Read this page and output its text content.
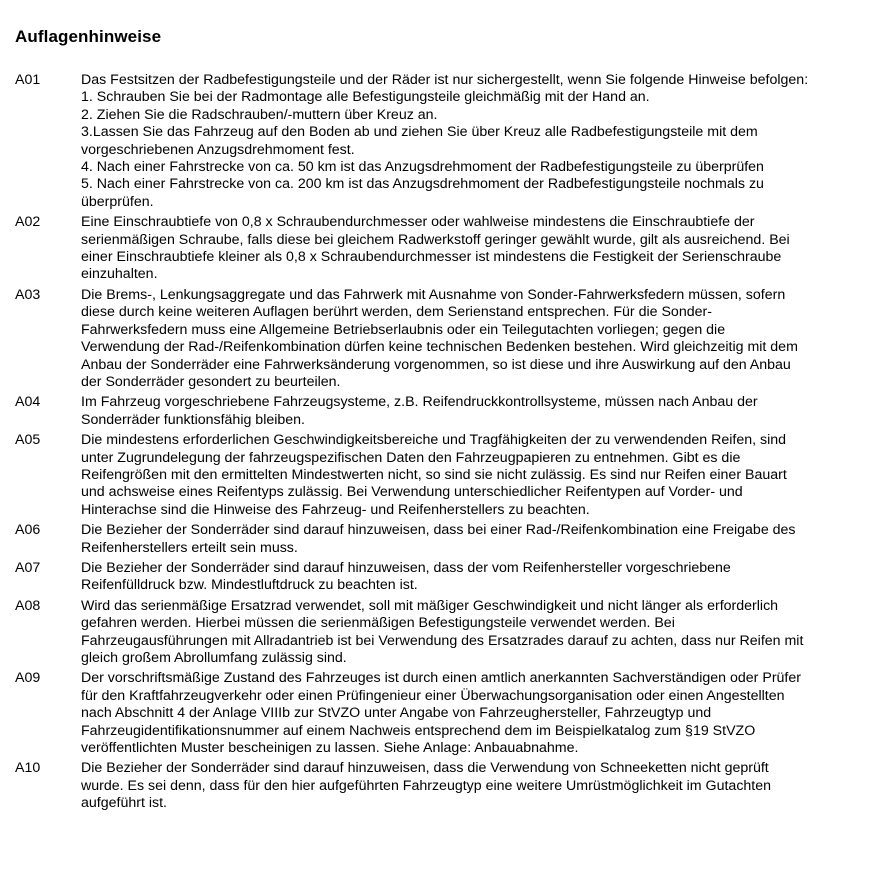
Auflagenhinweise
A01	Das Festsitzen der Radbefestigungsteile und der Räder ist nur sichergestellt, wenn Sie folgende Hinweise befolgen:
1. Schrauben Sie bei der Radmontage alle Befestigungsteile gleichmäßig mit der Hand an.
2. Ziehen Sie die Radschrauben/-muttern über Kreuz an.
3.Lassen Sie das Fahrzeug auf den Boden ab und ziehen Sie über Kreuz alle Radbefestigungsteile mit dem
vorgeschriebenen Anzugsdrehmoment fest.
4. Nach einer Fahrstrecke von ca. 50 km ist das Anzugsdrehmoment der Radbefestigungsteile zu überprüfen
5. Nach einer Fahrstrecke von ca. 200 km ist das Anzugsdrehmoment der Radbefestigungsteile nochmals zu
überprüfen.
A02	Eine Einschraubtiefe von 0,8 x Schraubendurchmesser oder wahlweise mindestens die Einschraubtiefe der
serienmäßigen Schraube, falls diese bei gleichem Radwerkstoff geringer gewählt wurde, gilt als ausreichend. Bei
einer Einschraubtiefe kleiner als 0,8 x Schraubendurchmesser ist mindestens die Festigkeit der Serienschraube
einzuhalten.
A03	Die Brems-, Lenkungsaggregate und das Fahrwerk mit Ausnahme von Sonder-Fahrwerksfedern müssen, sofern
diese durch keine weiteren Auflagen berührt werden, dem Serienstand entsprechen. Für die Sonder-
Fahrwerksfedern muss eine Allgemeine Betriebserlaubnis oder ein Teilegutachten vorliegen; gegen die
Verwendung der Rad-/Reifenkombination dürfen keine technischen Bedenken bestehen. Wird gleichzeitig mit dem
Anbau der Sonderräder eine Fahrwerksänderung vorgenommen, so ist diese und ihre Auswirkung auf den Anbau
der Sonderräder gesondert zu beurteilen.
A04	Im Fahrzeug vorgeschriebene Fahrzeugsysteme, z.B. Reifendruckkontrollsysteme, müssen nach Anbau der
Sonderräder funktionsfähig bleiben.
A05	Die mindestens erforderlichen Geschwindigkeitsbereiche und Tragfähigkeiten der zu verwendenden Reifen, sind
unter Zugrundelegung der fahrzeugspezifischen Daten den Fahrzeugpapieren zu entnehmen. Gibt es die
Reifengrößen mit den ermittelten Mindestwerten nicht, so sind sie nicht zulässig. Es sind nur Reifen einer Bauart
und achsweise eines Reifentyps zulässig. Bei Verwendung unterschiedlicher Reifentypen auf Vorder- und
Hinterachse sind die Hinweise des Fahrzeug- und Reifenherstellers zu beachten.
A06	Die Bezieher der Sonderräder sind darauf hinzuweisen, dass bei einer Rad-/Reifenkombination eine Freigabe des
Reifenherstellers erteilt sein muss.
A07	Die Bezieher der Sonderräder sind darauf hinzuweisen, dass der vom Reifenhersteller vorgeschriebene
Reifenfülldruck bzw. Mindestluftdruck zu beachten ist.
A08	Wird das serienmäßige Ersatzrad verwendet, soll mit mäßiger Geschwindigkeit und nicht länger als erforderlich
gefahren werden. Hierbei müssen die serienmäßigen Befestigungsteile verwendet werden. Bei
Fahrzeugausführungen mit Allradantrieb ist bei Verwendung des Ersatzrades darauf zu achten, dass nur Reifen mit
gleich großem Abrollumfang zulässig sind.
A09	Der vorschriftsmäßige Zustand des Fahrzeuges ist durch einen amtlich anerkannten Sachverständigen oder Prüfer
für den Kraftfahrzeugverkehr oder einen Prüfingenieur einer Überwachungsorganisation oder einen Angestellten
nach Abschnitt 4 der Anlage VIIIb zur StVZO unter Angabe von Fahrzeughersteller, Fahrzeugtyp und
Fahrzeugidentifikationsnummer auf einem Nachweis entsprechend dem im Beispielkatalog zum §19 StVZO
veröffentlichten Muster bescheinigen zu lassen. Siehe Anlage: Anbauabnahme.
A10	Die Bezieher der Sonderräder sind darauf hinzuweisen, dass die Verwendung von Schneeketten nicht geprüft
wurde. Es sei denn, dass für den hier aufgeführten Fahrzeugtyp eine weitere Umrüstmöglichkeit im Gutachten
aufgeführt ist.
